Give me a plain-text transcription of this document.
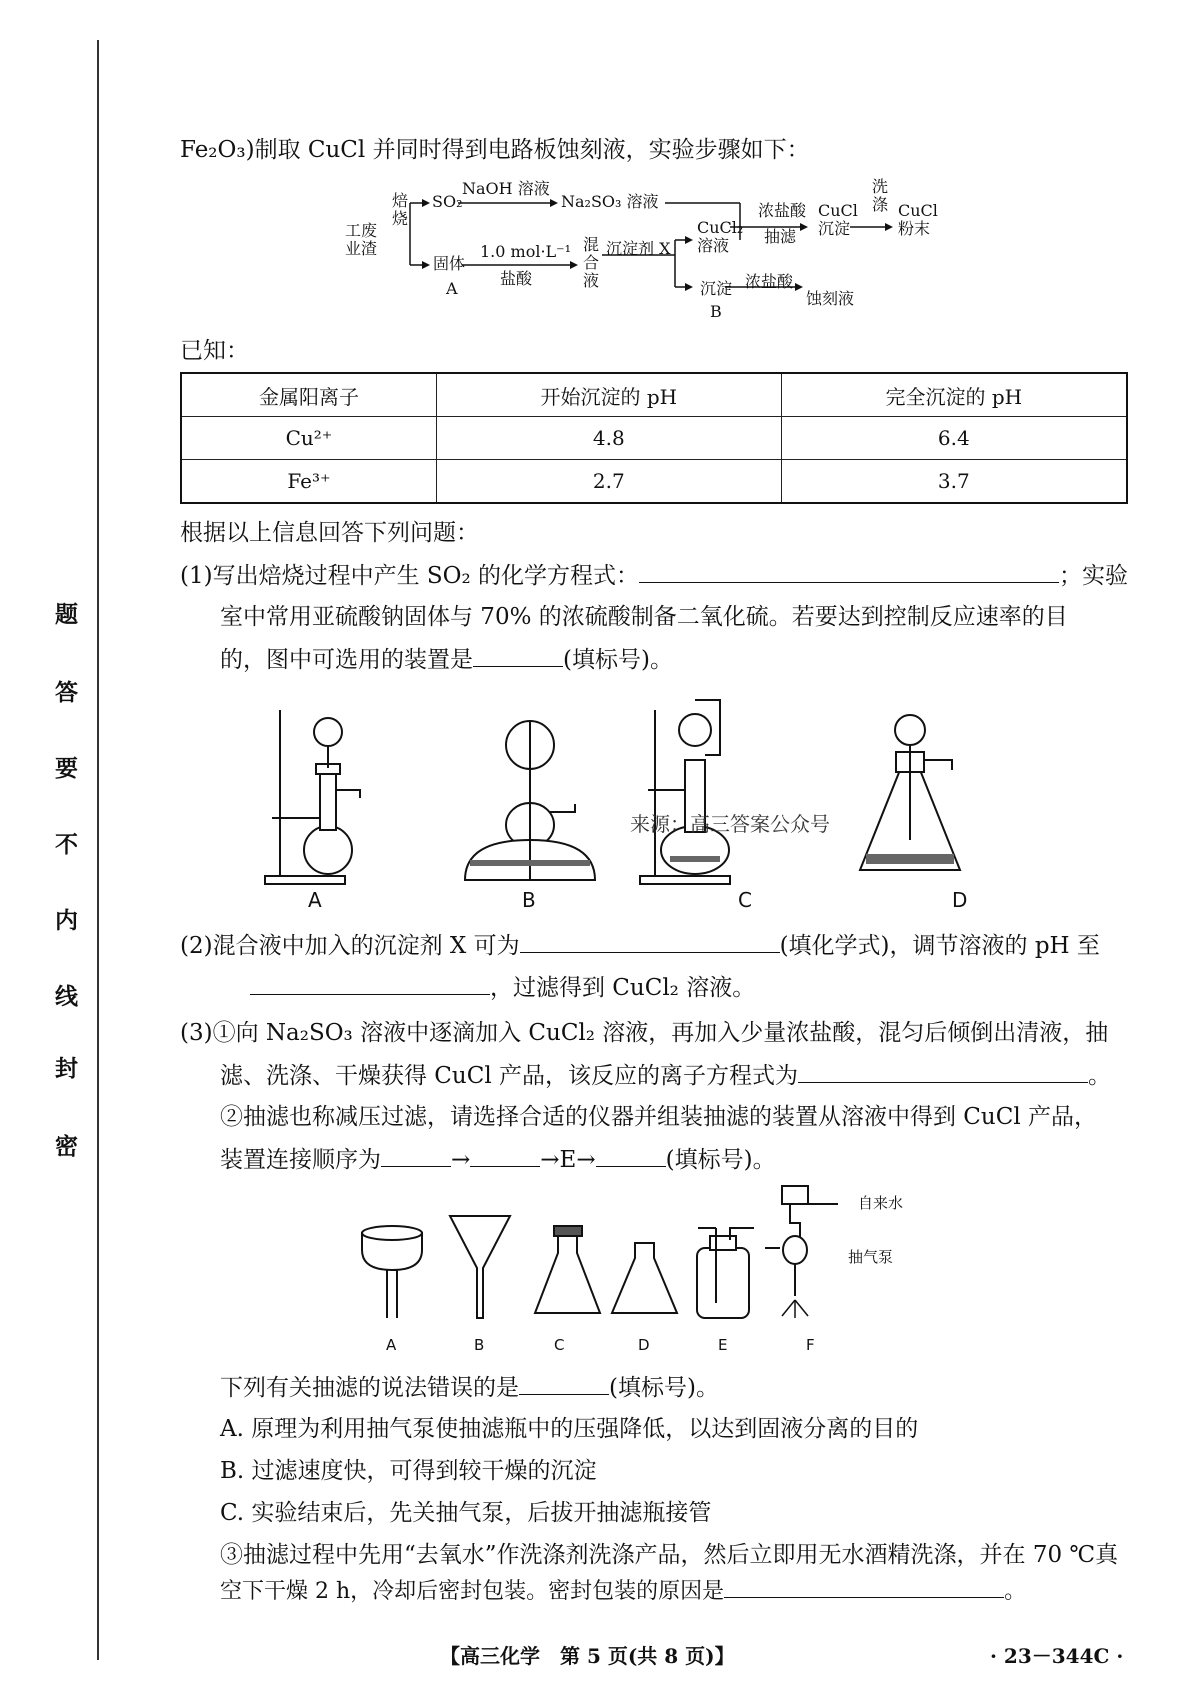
密
封
线
内
不
要
答
题
Fe₂O₃)制取 CuCl 并同时得到电路板蚀刻液，实验步骤如下：
工废
业渣
焙
烧
SO₂
NaOH 溶液
Na₂SO₃ 溶液
固体
A
1.0 mol·L⁻¹
盐酸
混
合
液
沉淀剂 X
CuCl₂
溶液
浓盐酸
抽滤
CuCl
沉淀
洗
涤 CuCl
粉末
沉淀
B
浓盐酸
蚀刻液
已知：
金属阳离子	开始沉淀的 pH	完全沉淀的 pH
Cu²⁺	4.8	6.4
Fe³⁺	2.7	3.7
根据以上信息回答下列问题：
(1)写出焙烧过程中产生 SO₂ 的化学方程式：	；实验
室中常用亚硫酸钠固体与 70% 的浓硫酸制备二氧化硫。若要达到控制反应速率的目
的，图中可选用的装置是	(填标号)。
A	B	C	D
来源：高三答案公众号
(2)混合液中加入的沉淀剂 X 可为	(填化学式)，调节溶液的 pH 至
，过滤得到 CuCl₂ 溶液。
(3)①向 Na₂SO₃ 溶液中逐滴加入 CuCl₂ 溶液，再加入少量浓盐酸，混匀后倾倒出清液，抽
滤、洗涤、干燥获得 CuCl 产品，该反应的离子方程式为	。
②抽滤也称减压过滤，请选择合适的仪器并组装抽滤的装置从溶液中得到 CuCl 产品，
装置连接顺序为	→	→E→	(填标号)。
自来水
抽气泵
A	B	C	D	E	F
下列有关抽滤的说法错误的是	(填标号)。
A. 原理为利用抽气泵使抽滤瓶中的压强降低，以达到固液分离的目的
B. 过滤速度快，可得到较干燥的沉淀
C. 实验结束后，先关抽气泵，后拔开抽滤瓶接管
③抽滤过程中先用“去氧水”作洗涤剂洗涤产品，然后立即用无水酒精洗涤，并在 70 ℃真
空下干燥 2 h，冷却后密封包装。密封包装的原因是	。
【高三化学　第 5 页(共 8 页)】	· 23－344C ·
